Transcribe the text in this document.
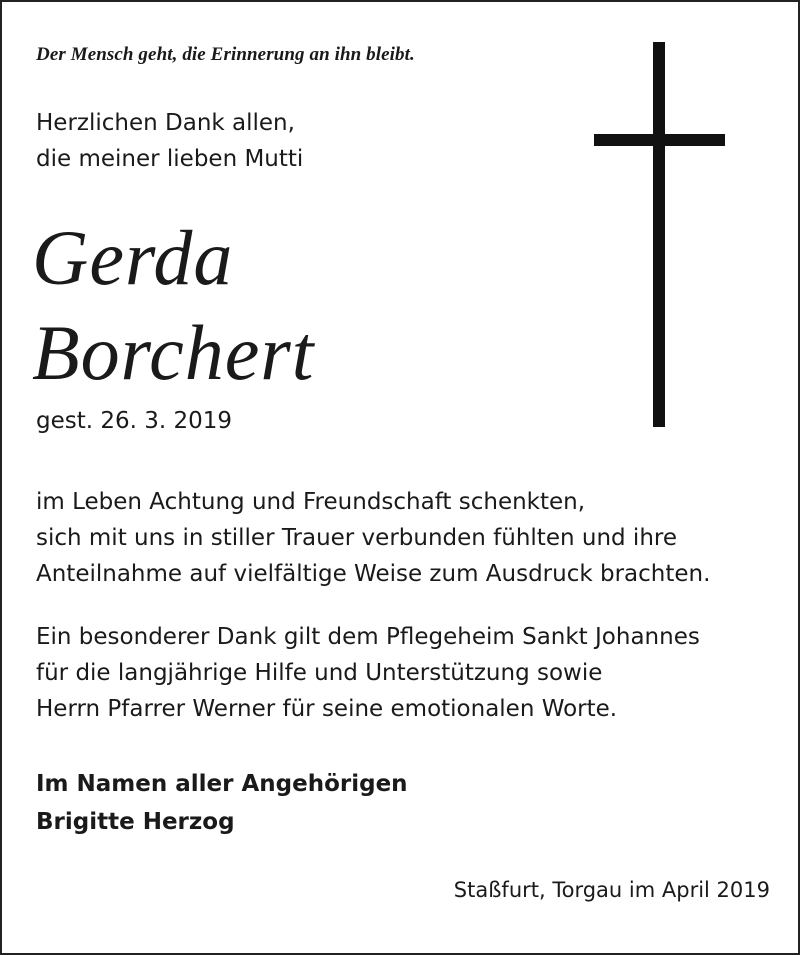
Der Mensch geht, die Erinnerung an ihn bleibt.
Herzlichen Dank allen,
die meiner lieben Mutti
Gerda
Borchert
gest. 26. 3. 2019
im Leben Achtung und Freundschaft schenkten,
sich mit uns in stiller Trauer verbunden fühlten und ihre
Anteilnahme auf vielfältige Weise zum Ausdruck brachten.
Ein besonderer Dank gilt dem Pflegeheim Sankt Johannes
für die langjährige Hilfe und Unterstützung sowie
Herrn Pfarrer Werner für seine emotionalen Worte.
Im Namen aller Angehörigen
Brigitte Herzog
Staßfurt, Torgau im April 2019
